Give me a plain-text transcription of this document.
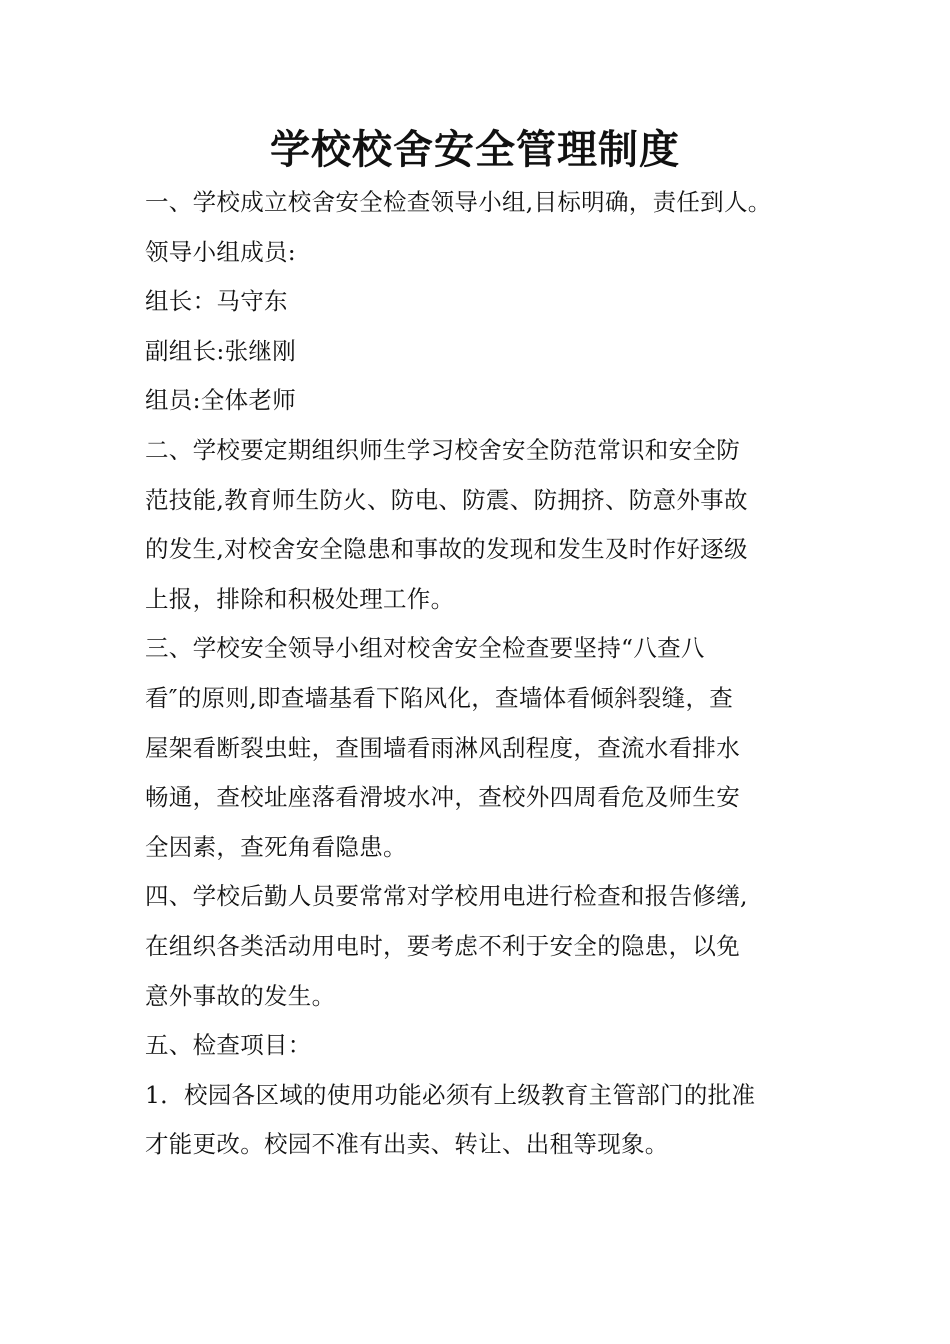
学校校舍安全管理制度
一、学校成立校舍安全检查领导小组,目标明确，责任到人。
领导小组成员:
组长：马守东
副组长:张继刚
组员:全体老师
二、学校要定期组织师生学习校舍安全防范常识和安全防
范技能,教育师生防火、防电、防震、防拥挤、防意外事故
的发生,对校舍安全隐患和事故的发现和发生及时作好逐级
上报，排除和积极处理工作。
三、学校安全领导小组对校舍安全检查要坚持“八查八
看″的原则,即查墙基看下陷风化，查墙体看倾斜裂缝，查
屋架看断裂虫蛀，查围墙看雨淋风刮程度，查流水看排水
畅通，查校址座落看滑坡水冲，查校外四周看危及师生安
全因素，查死角看隐患。
四、学校后勤人员要常常对学校用电进行检查和报告修缮,
在组织各类活动用电时，要考虑不利于安全的隐患，以免
意外事故的发生。
五、检查项目：
1．校园各区域的使用功能必须有上级教育主管部门的批准
才能更改。校园不准有出卖、转让、出租等现象。
